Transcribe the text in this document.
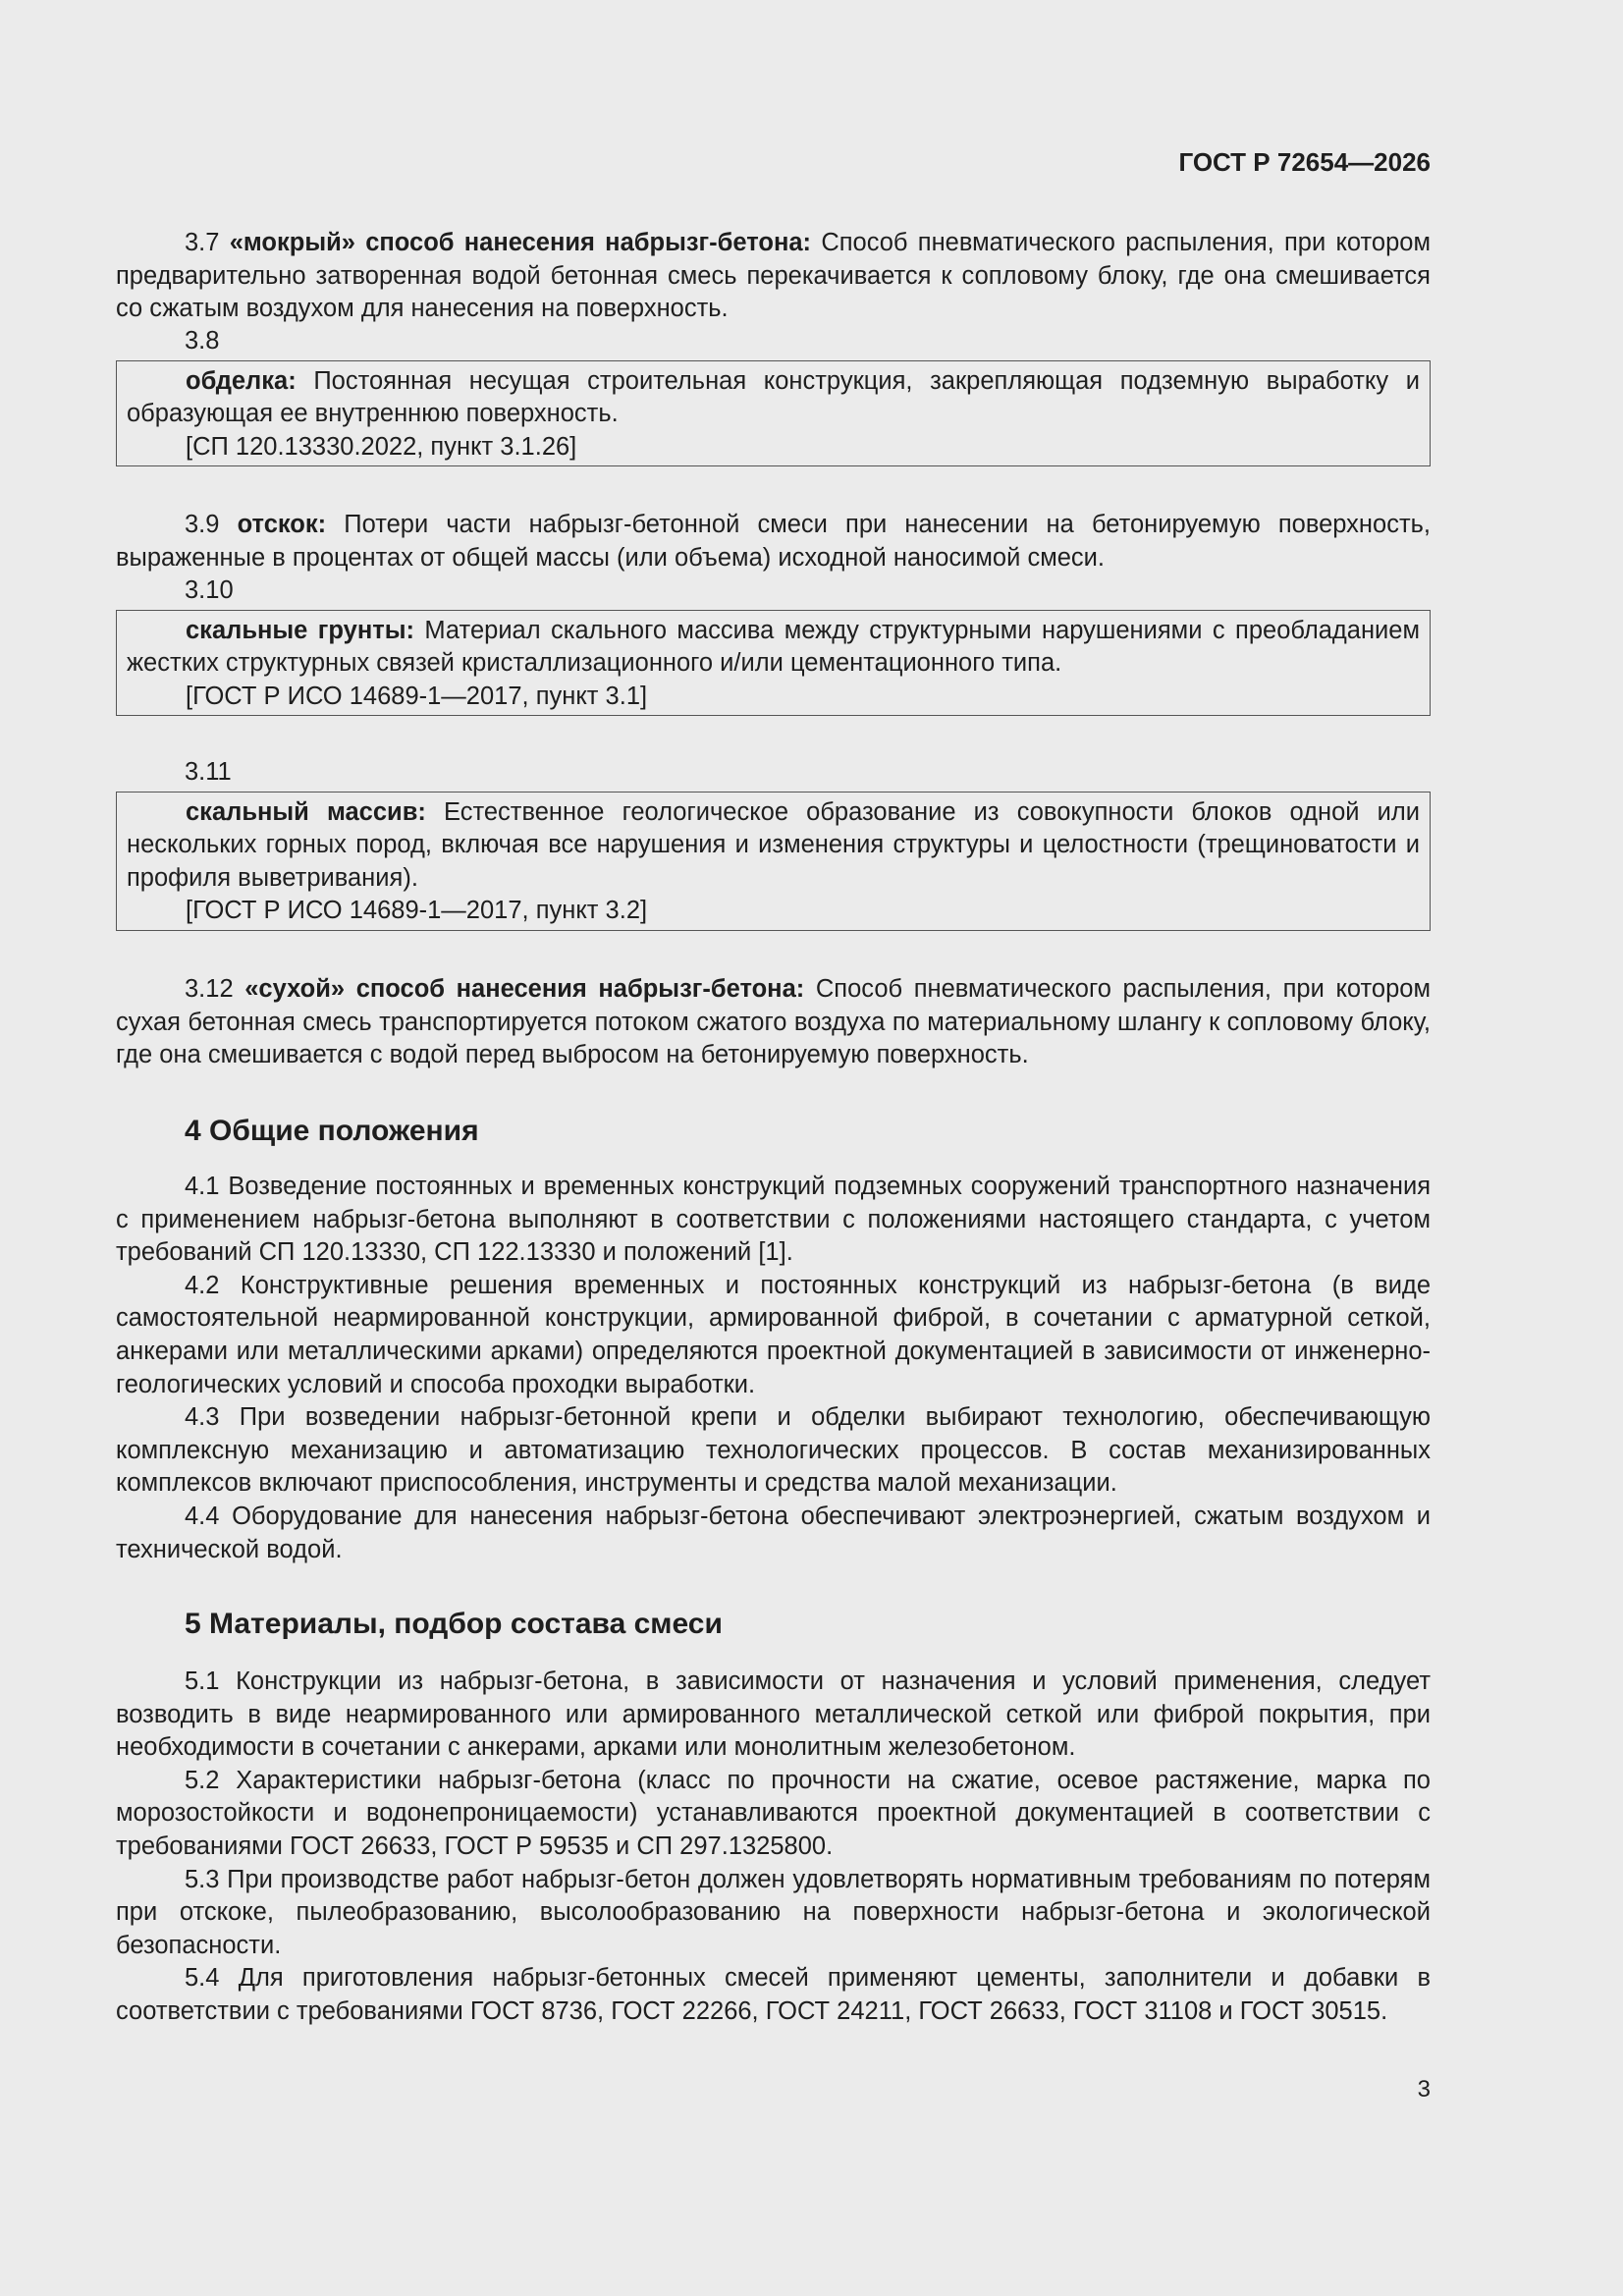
ГОСТ Р 72654—2026
3.7 «мокрый» способ нанесения набрызг-бетона: Способ пневматического распыления, при котором предварительно затворенная водой бетонная смесь перекачивается к сопловому блоку, где она смешивается со сжатым воздухом для нанесения на поверхность.
3.8
обделка: Постоянная несущая строительная конструкция, закрепляющая подземную выработку и образующая ее внутреннюю поверхность.
[СП 120.13330.2022, пункт 3.1.26]
3.9 отскок: Потери части набрызг-бетонной смеси при нанесении на бетонируемую поверхность, выраженные в процентах от общей массы (или объема) исходной наносимой смеси.
3.10
скальные грунты: Материал скального массива между структурными нарушениями с преобладанием жестких структурных связей кристаллизационного и/или цементационного типа.
[ГОСТ Р ИСО 14689-1—2017, пункт 3.1]
3.11
скальный массив: Естественное геологическое образование из совокупности блоков одной или нескольких горных пород, включая все нарушения и изменения структуры и целостности (трещиноватости и профиля выветривания).
[ГОСТ Р ИСО 14689-1—2017, пункт 3.2]
3.12 «сухой» способ нанесения набрызг-бетона: Способ пневматического распыления, при котором сухая бетонная смесь транспортируется потоком сжатого воздуха по материальному шлангу к сопловому блоку, где она смешивается с водой перед выбросом на бетонируемую поверхность.
4 Общие положения
4.1 Возведение постоянных и временных конструкций подземных сооружений транспортного назначения с применением набрызг-бетона выполняют в соответствии с положениями настоящего стандарта, с учетом требований СП 120.13330, СП 122.13330 и положений [1].
4.2 Конструктивные решения временных и постоянных конструкций из набрызг-бетона (в виде самостоятельной неармированной конструкции, армированной фиброй, в сочетании с арматурной сеткой, анкерами или металлическими арками) определяются проектной документацией в зависимости от инженерно-геологических условий и способа проходки выработки.
4.3 При возведении набрызг-бетонной крепи и обделки выбирают технологию, обеспечивающую комплексную механизацию и автоматизацию технологических процессов. В состав механизированных комплексов включают приспособления, инструменты и средства малой механизации.
4.4 Оборудование для нанесения набрызг-бетона обеспечивают электроэнергией, сжатым воздухом и технической водой.
5 Материалы, подбор состава смеси
5.1 Конструкции из набрызг-бетона, в зависимости от назначения и условий применения, следует возводить в виде неармированного или армированного металлической сеткой или фиброй покрытия, при необходимости в сочетании с анкерами, арками или монолитным железобетоном.
5.2 Характеристики набрызг-бетона (класс по прочности на сжатие, осевое растяжение, марка по морозостойкости и водонепроницаемости) устанавливаются проектной документацией в соответствии с требованиями ГОСТ 26633, ГОСТ Р 59535 и СП 297.1325800.
5.3 При производстве работ набрызг-бетон должен удовлетворять нормативным требованиям по потерям при отскоке, пылеобразованию, высолообразованию на поверхности набрызг-бетона и экологической безопасности.
5.4 Для приготовления набрызг-бетонных смесей применяют цементы, заполнители и добавки в соответствии с требованиями ГОСТ 8736, ГОСТ 22266, ГОСТ 24211, ГОСТ 26633, ГОСТ 31108 и ГОСТ 30515.
3
